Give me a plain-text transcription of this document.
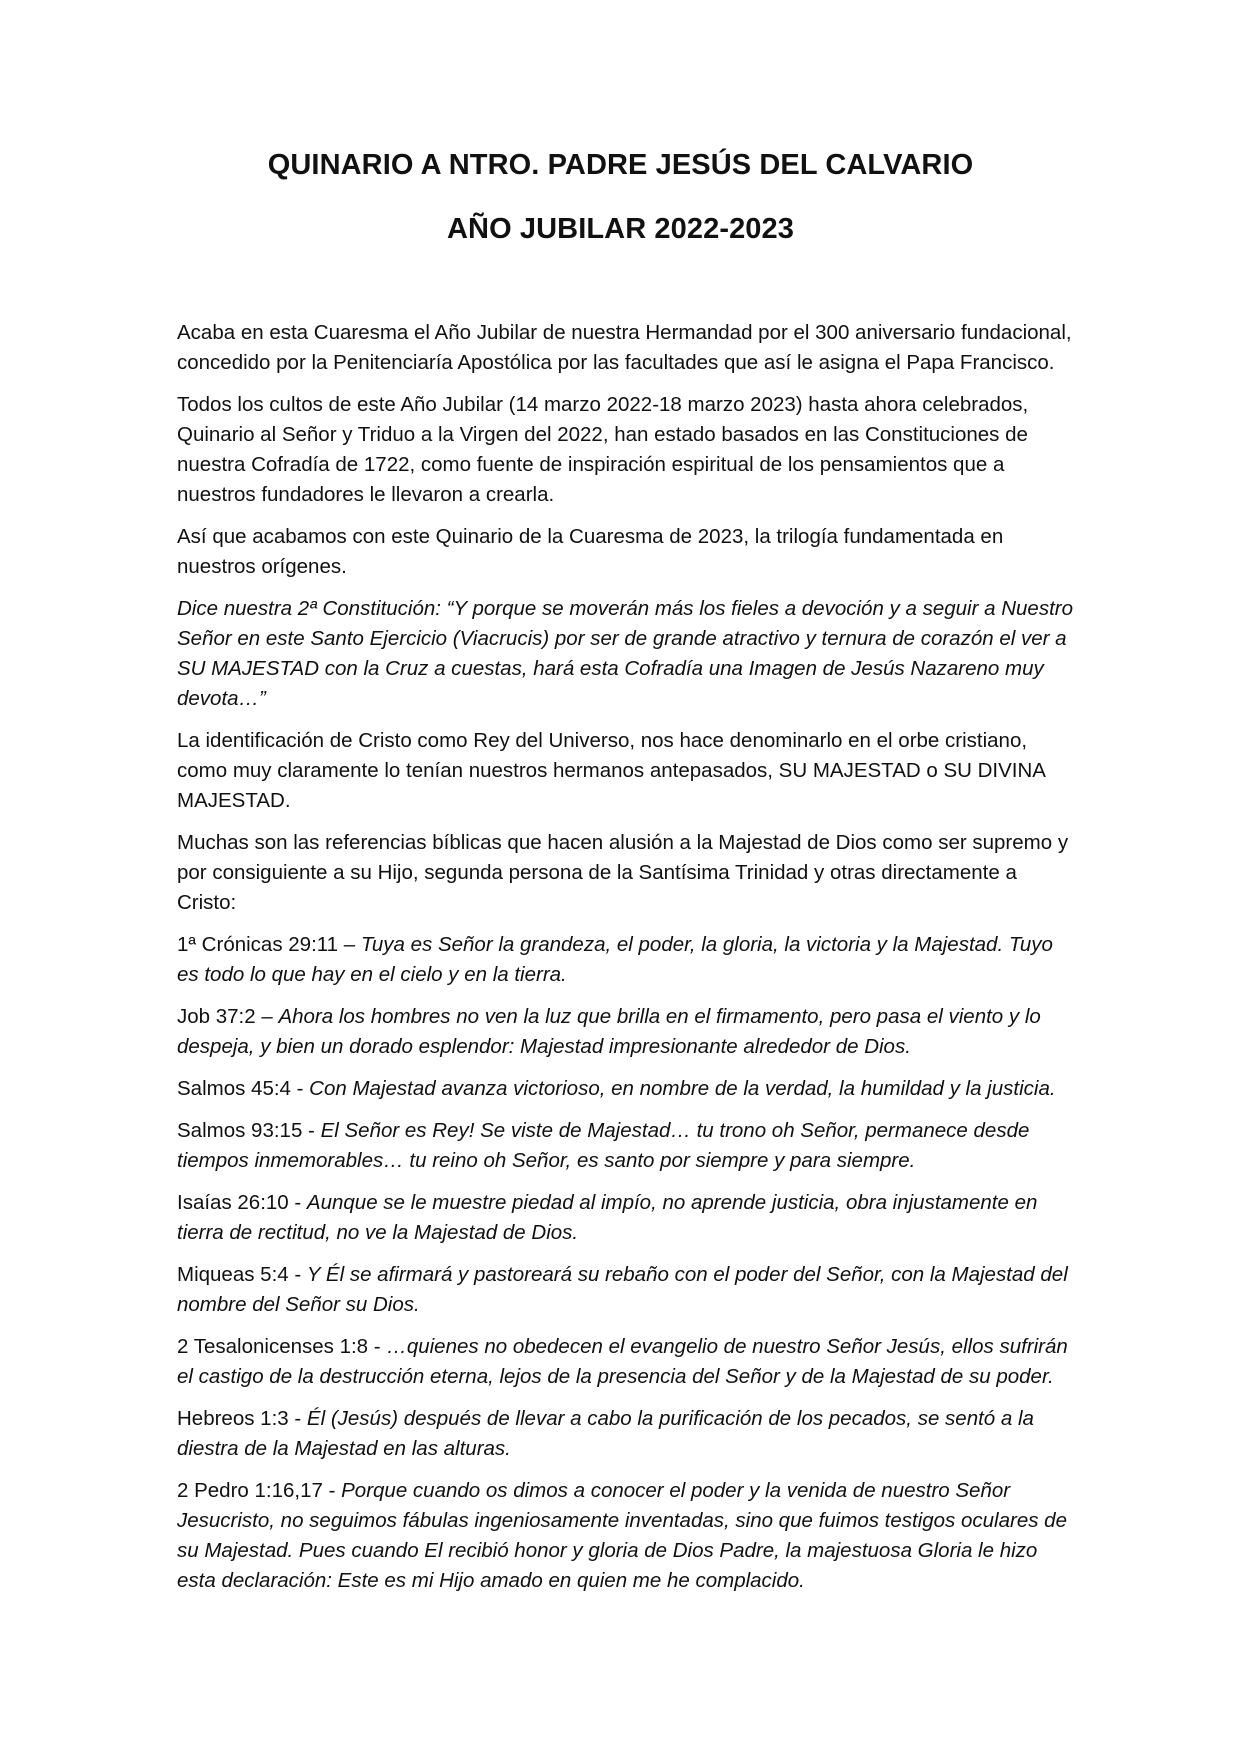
QUINARIO A NTRO. PADRE JESÚS DEL CALVARIO
AÑO JUBILAR 2022-2023

Acaba en esta Cuaresma el Año Jubilar de nuestra Hermandad por el 300 aniversario fundacional, concedido por la Penitenciaría Apostólica por las facultades que así le asigna el Papa Francisco.

Todos los cultos de este Año Jubilar (14 marzo 2022-18 marzo 2023) hasta ahora celebrados, Quinario al Señor y Triduo a la Virgen del 2022, han estado basados en las Constituciones de nuestra Cofradía de 1722, como fuente de inspiración espiritual de los pensamientos que a nuestros fundadores le llevaron a crearla.

Así que acabamos con este Quinario de la Cuaresma de 2023, la trilogía fundamentada en nuestros orígenes.

Dice nuestra 2ª Constitución: “Y porque se moverán más los fieles a devoción y a seguir a Nuestro Señor en este Santo Ejercicio (Viacrucis) por ser de grande atractivo y ternura de corazón el ver a SU MAJESTAD con la Cruz a cuestas, hará esta Cofradía una Imagen de Jesús Nazareno muy devota…”

La identificación de Cristo como Rey del Universo, nos hace denominarlo en el orbe cristiano, como muy claramente lo tenían nuestros hermanos antepasados, SU MAJESTAD o SU DIVINA MAJESTAD.

Muchas son las referencias bíblicas que hacen alusión a la Majestad de Dios como ser supremo y por consiguiente a su Hijo, segunda persona de la Santísima Trinidad y otras directamente a Cristo:

1ª Crónicas 29:11 – Tuya es Señor la grandeza, el poder, la gloria, la victoria y la Majestad. Tuyo es todo lo que hay en el cielo y en la tierra.

Job 37:2 – Ahora los hombres no ven la luz que brilla en el firmamento, pero pasa el viento y lo despeja, y bien un dorado esplendor: Majestad impresionante alrededor de Dios.

Salmos 45:4 - Con Majestad avanza victorioso, en nombre de la verdad, la humildad y la justicia.

Salmos 93:15 - El Señor es Rey! Se viste de Majestad… tu trono oh Señor, permanece desde tiempos inmemorables… tu reino oh Señor, es santo por siempre y para siempre.

Isaías 26:10 - Aunque se le muestre piedad al impío, no aprende justicia, obra injustamente en tierra de rectitud, no ve la Majestad de Dios.

Miqueas 5:4 - Y Él se afirmará y pastoreará su rebaño con el poder del Señor, con la Majestad del nombre del Señor su Dios.

2 Tesalonicenses 1:8 - …quienes no obedecen el evangelio de nuestro Señor Jesús, ellos sufrirán el castigo de la destrucción eterna, lejos de la presencia del Señor y de la Majestad de su poder.

Hebreos 1:3 - Él (Jesús) después de llevar a cabo la purificación de los pecados, se sentó a la diestra de la Majestad en las alturas.

2 Pedro 1:16,17 - Porque cuando os dimos a conocer el poder y la venida de nuestro Señor Jesucristo, no seguimos fábulas ingeniosamente inventadas, sino que fuimos testigos oculares de su Majestad. Pues cuando El recibió honor y gloria de Dios Padre, la majestuosa Gloria le hizo esta declaración: Este es mi Hijo amado en quien me he complacido.
